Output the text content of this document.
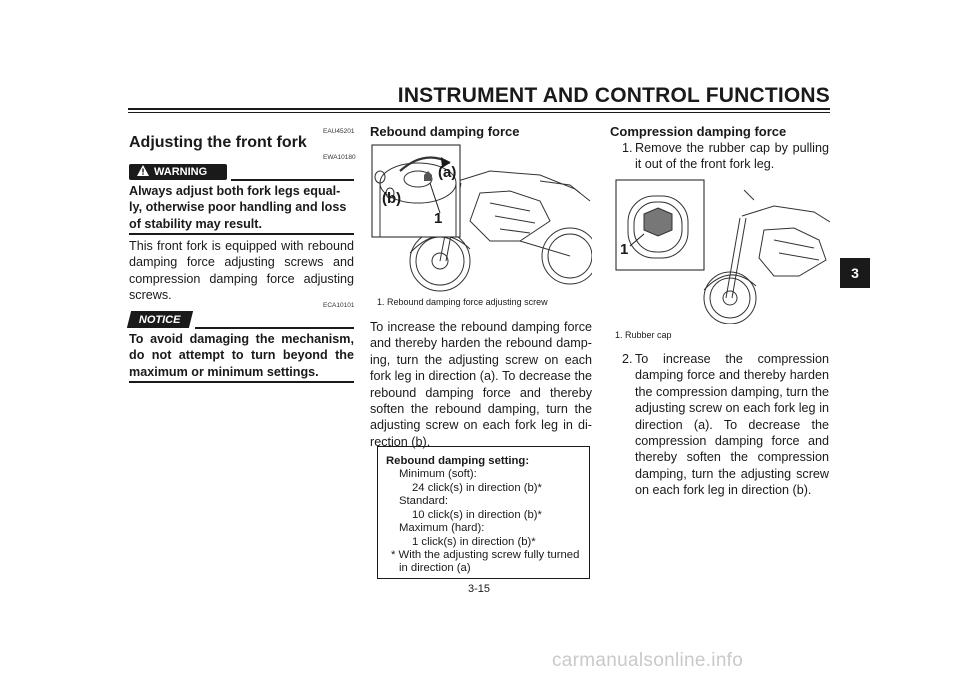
INSTRUMENT AND CONTROL FUNCTIONS
3
EAU45201
Adjusting the front fork
EWA10180
WARNING
Always adjust both fork legs equal-
ly, otherwise poor handling and loss
of stability may result.
This front fork is equipped with rebound
damping force adjusting screws and
compression damping force adjusting
screws.
ECA10101
NOTICE
To avoid damaging the mechanism,
do not attempt to turn beyond the
maximum or minimum settings.
Rebound damping force
(a)
(b)
1
1. Rebound damping force adjusting screw
To increase the rebound damping force
and thereby harden the rebound damp-
ing, turn the adjusting screw on each
fork leg in direction (a). To decrease the
rebound damping force and thereby
soften the rebound damping, turn the
adjusting screw on each fork leg in di-
rection (b).
Rebound damping setting:
Minimum (soft):
24 click(s) in direction (b)*
Standard:
10 click(s) in direction (b)*
Maximum (hard):
1 click(s) in direction (b)*
* With the adjusting screw fully turned
in direction (a)
Compression damping force
1. Remove the rubber cap by pulling
it out of the front fork leg.
1
1. Rubber cap
2. To increase the compression
damping force and thereby harden
the compression damping, turn the
adjusting screw on each fork leg in
direction (a). To decrease the
compression damping force and
thereby soften the compression
damping, turn the adjusting screw
on each fork leg in direction (b).
3-15
carmanualsonline.info
